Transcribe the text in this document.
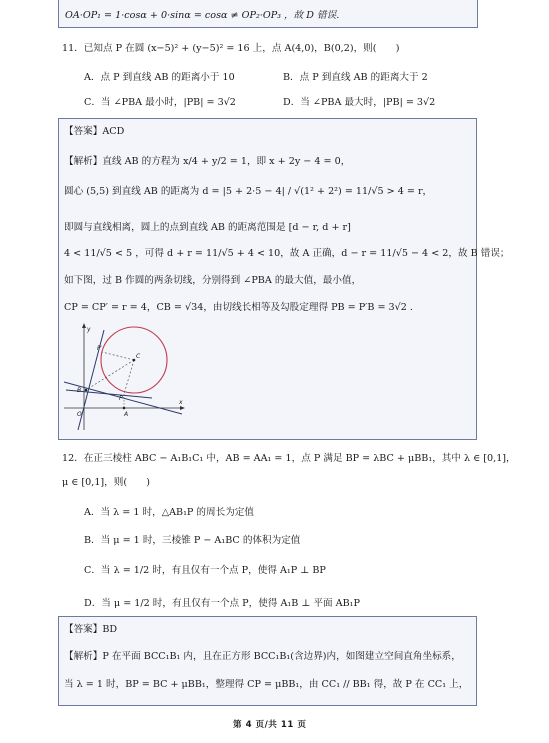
OA·OP₁ = 1·cosα + 0·sinα = cosα ≠ OP₂·OP₃ ，故 D 错误.
11．已知点 P 在圆 (x−5)² + (y−5)² = 16 上，点 A(4,0)，B(0,2)，则(　　)
A．点 P 到直线 AB 的距离小于 10	B．点 P 到直线 AB 的距离大于 2
C．当 ∠PBA 最小时，|PB| = 3√2	D．当 ∠PBA 最大时，|PB| = 3√2
【答案】ACD
【解析】直线 AB 的方程为 x/4 + y/2 = 1，即 x + 2y − 4 = 0，
圆心 (5,5) 到直线 AB 的距离为 d = |5 + 2·5 − 4| / √(1² + 2²) = 11/√5 > 4 = r，
即圆与直线相离，圆上的点到直线 AB 的距离范围是 [d − r, d + r]
4 < 11/√5 < 5 ，可得 d + r = 11/√5 + 4 < 10，故 A 正确，d − r = 11/√5 − 4 < 2，故 B 错误；
如下图，过 B 作圆的两条切线，分别得到 ∠PBA 的最大值，最小值，
CP = CP′ = r = 4，CB = √34，由切线长相等及勾股定理得 PB = P′B = 3√2 .
y
x
C
P′
P
B
A
O
12．在正三棱柱 ABC − A₁B₁C₁ 中，AB = AA₁ = 1，点 P 满足 BP = λBC + μBB₁，其中 λ ∈ [0,1]，
μ ∈ [0,1]，则(　　)
A．当 λ = 1 时，△AB₁P 的周长为定值
B．当 μ = 1 时，三棱锥 P − A₁BC 的体积为定值
C．当 λ = 1/2 时，有且仅有一个点 P，使得 A₁P ⊥ BP
D．当 μ = 1/2 时，有且仅有一个点 P，使得 A₁B ⊥ 平面 AB₁P
【答案】BD
【解析】P 在平面 BCC₁B₁ 内，且在正方形 BCC₁B₁(含边界)内，如图建立空间直角坐标系，
当 λ = 1 时，BP = BC + μBB₁，整理得 CP = μBB₁，由 CC₁ // BB₁ 得，故 P 在 CC₁ 上，
第 4 页/共 11 页
